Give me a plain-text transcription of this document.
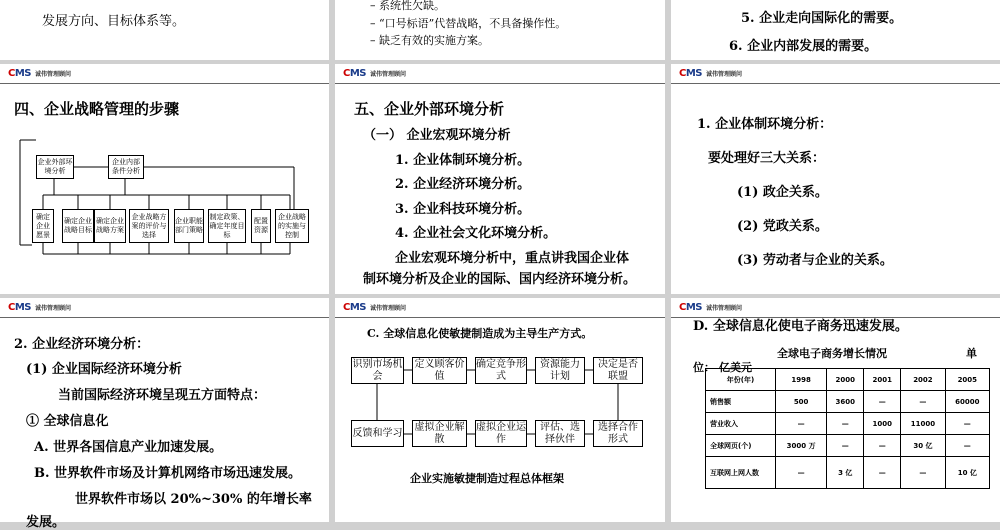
发展方向、目标体系等。
– 系统性欠缺。
– “口号标语”代替战略，不具备操作性。
– 缺乏有效的实施方案。
5. 企业走向国际化的需要。
6. 企业内部发展的需要。
CMS 诚伟管理顾问
四、企业战略管理的步骤
企业外部环境分析
企业内部条件分析
确定企业愿景
确定企业战略目标
确定企业战略方案
企业战略方案的评价与选择
企业职能部门策略
制定政策、确定年度目标
配置资源
企业战略的实施与控制
CMS 诚伟管理顾问
五、企业外部环境分析
（一） 企业宏观环境分析
1. 企业体制环境分析。
2. 企业经济环境分析。
3. 企业科技环境分析。
4. 企业社会文化环境分析。
企业宏观环境分析中，重点讲我国企业体
制环境分析及企业的国际、国内经济环境分析。
CMS 诚伟管理顾问
1. 企业体制环境分析：
要处理好三大关系：
(1) 政企关系。
(2) 党政关系。
(3) 劳动者与企业的关系。
CMS 诚伟管理顾问
2. 企业经济环境分析：
(1) 企业国际经济环境分析
当前国际经济环境呈现五方面特点：
① 全球信息化
A. 世界各国信息产业加速发展。
B. 世界软件市场及计算机网络市场迅速发展。
世界软件市场以 20%~30% 的年增长率
发展。
CMS 诚伟管理顾问
C. 全球信息化使敏捷制造成为主导生产方式。
识别市场机会
定义顾客价值
确定竞争形式
资源能力计划
决定是否联盟
反馈和学习
虚拟企业解散
虚拟企业运作
评估、选择伙伴
选择合作形式
企业实施敏捷制造过程总体框架
CMS 诚伟管理顾问
D. 全球信息化使电子商务迅速发展。
全球电子商务增长情况	单
位： 亿美元
年份(年)	1998	2000	2001	2002	2005
销售额	500	3600	—	—	60000
营业收入	—	—	1000	11000	—
全球网页(个)	3000 万	—	—	30 亿	—
互联网上网人数	—	3 亿	—	—	10 亿
